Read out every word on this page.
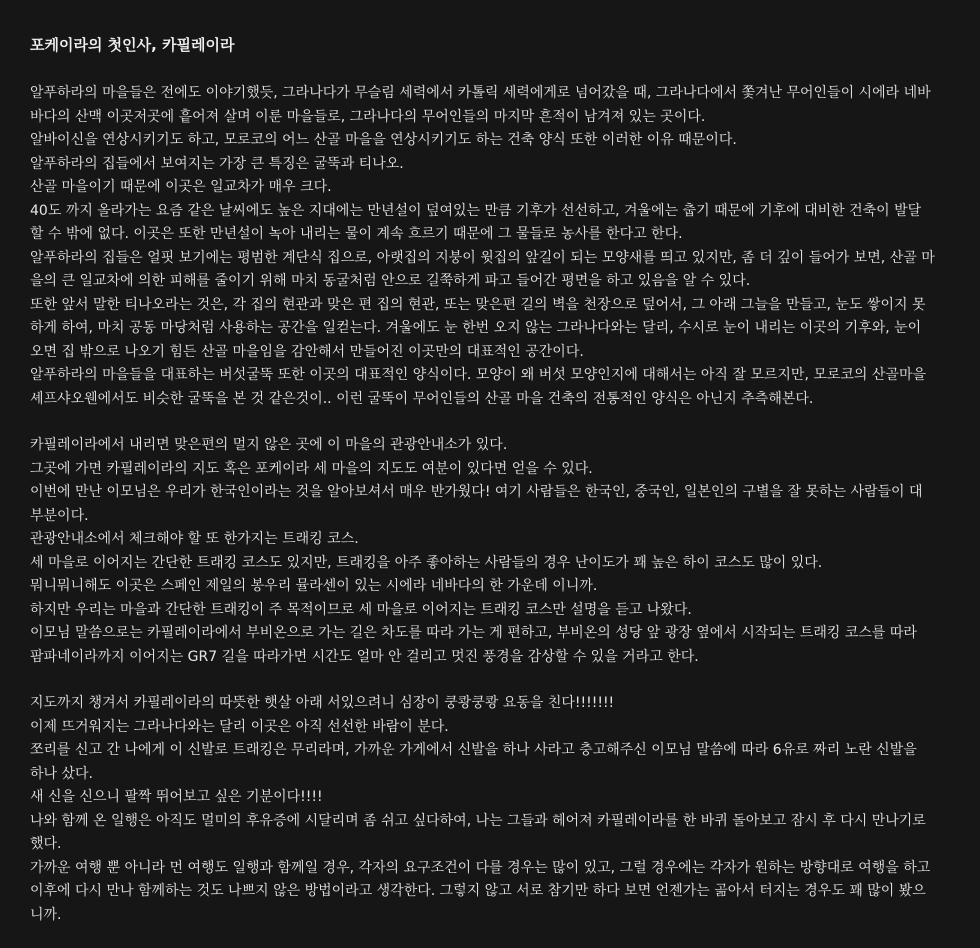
포케이라의 첫인사, 카필레이라
알푸하라의 마을들은 전에도 이야기했듯, 그라나다가 무슬림 세력에서 카톨릭 세력에게로 넘어갔을 때, 그라나다에서 쫓겨난 무어인들이 시에라 네바
바다의 산맥 이곳저곳에 흩어져 살며 이룬 마을들로, 그라나다의 무어인들의 마지막 흔적이 남겨져 있는 곳이다.
알바이신을 연상시키기도 하고, 모로코의 어느 산골 마을을 연상시키기도 하는 건축 양식 또한 이러한 이유 때문이다.
알푸하라의 집들에서 보여지는 가장 큰 특징은 굴뚝과 티나오.
산골 마을이기 때문에 이곳은 일교차가 매우 크다.
40도 까지 올라가는 요즘 같은 날씨에도 높은 지대에는 만년설이 덮여있는 만큼 기후가 선선하고, 겨울에는 춥기 때문에 기후에 대비한 건축이 발달
할 수 밖에 없다. 이곳은 또한 만년설이 녹아 내리는 물이 계속 흐르기 때문에 그 물들로 농사를 한다고 한다.
알푸하라의 집들은 얼핏 보기에는 평범한 계단식 집으로, 아랫집의 지붕이 윗집의 앞길이 되는 모양새를 띄고 있지만, 좀 더 깊이 들어가 보면, 산골 마
을의 큰 일교차에 의한 피해를 줄이기 위해 마치 동굴처럼 안으로 길쭉하게 파고 들어간 평면을 하고 있음을 알 수 있다.
또한 앞서 말한 티나오라는 것은, 각 집의 현관과 맞은 편 집의 현관, 또는 맞은편 길의 벽을 천장으로 덮어서, 그 아래 그늘을 만들고, 눈도 쌓이지 못
하게 하여, 마치 공동 마당처럼 사용하는 공간을 일컫는다. 겨울에도 눈 한번 오지 않는 그라나다와는 달리, 수시로 눈이 내리는 이곳의 기후와, 눈이
오면 집 밖으로 나오기 힘든 산골 마을임을 감안해서 만들어진 이곳만의 대표적인 공간이다.
알푸하라의 마을들을 대표하는 버섯굴뚝 또한 이곳의 대표적인 양식이다. 모양이 왜 버섯 모양인지에 대해서는 아직 잘 모르지만, 모로코의 산골마을
셰프샤오웬에서도 비슷한 굴뚝을 본 것 같은것이.. 이런 굴뚝이 무어인들의 산골 마을 건축의 전통적인 양식은 아닌지 추측해본다.
카필레이라에서 내리면 맞은편의 멀지 않은 곳에 이 마을의 관광안내소가 있다.
그곳에 가면 카필레이라의 지도 혹은 포케이라 세 마을의 지도도 여분이 있다면 얻을 수 있다.
이번에 만난 이모님은 우리가 한국인이라는 것을 알아보셔서 매우 반가웠다! 여기 사람들은 한국인, 중국인, 일본인의 구별을 잘 못하는 사람들이 대
부분이다.
관광안내소에서 체크해야 할 또 한가지는 트래킹 코스.
세 마을로 이어지는 간단한 트래킹 코스도 있지만, 트래킹을 아주 좋아하는 사람들의 경우 난이도가 꽤 높은 하이 코스도 많이 있다.
뭐니뭐니해도 이곳은 스페인 제일의 봉우리 뮬라센이 있는 시에라 네바다의 한 가운데 이니까.
하지만 우리는 마을과 간단한 트래킹이 주 목적이므로 세 마을로 이어지는 트래킹 코스만 설명을 듣고 나왔다.
이모님 말씀으로는 카필레이라에서 부비온으로 가는 길은 차도를 따라 가는 게 편하고, 부비온의 성당 앞 광장 옆에서 시작되는 트래킹 코스를 따라
팜파네이라까지 이어지는 GR7 길을 따라가면 시간도 얼마 안 걸리고 멋진 풍경을 감상할 수 있을 거라고 한다.
지도까지 챙겨서 카필레이라의 따뜻한 햇살 아래 서있으려니 심장이 쿵쾅쿵쾅 요동을 친다!!!!!!!
이제 뜨거워지는 그라나다와는 달리 이곳은 아직 선선한 바람이 분다.
쪼리를 신고 간 나에게 이 신발로 트래킹은 무리라며, 가까운 가게에서 신발을 하나 사라고 충고해주신 이모님 말씀에 따라 6유로 짜리 노란 신발을
하나 샀다.
새 신을 신으니 팔짝 뛰어보고 싶은 기분이다!!!!
나와 함께 온 일행은 아직도 멀미의 후유증에 시달리며 좀 쉬고 싶다하여, 나는 그들과 헤어져 카필레이라를 한 바퀴 돌아보고 잠시 후 다시 만나기로
했다.
가까운 여행 뿐 아니라 먼 여행도 일행과 함께일 경우, 각자의 요구조건이 다를 경우는 많이 있고, 그럴 경우에는 각자가 원하는 방향대로 여행을 하고
이후에 다시 만나 함께하는 것도 나쁘지 않은 방법이라고 생각한다. 그렇지 않고 서로 참기만 하다 보면 언젠가는 곪아서 터지는 경우도 꽤 많이 봤으
니까.
